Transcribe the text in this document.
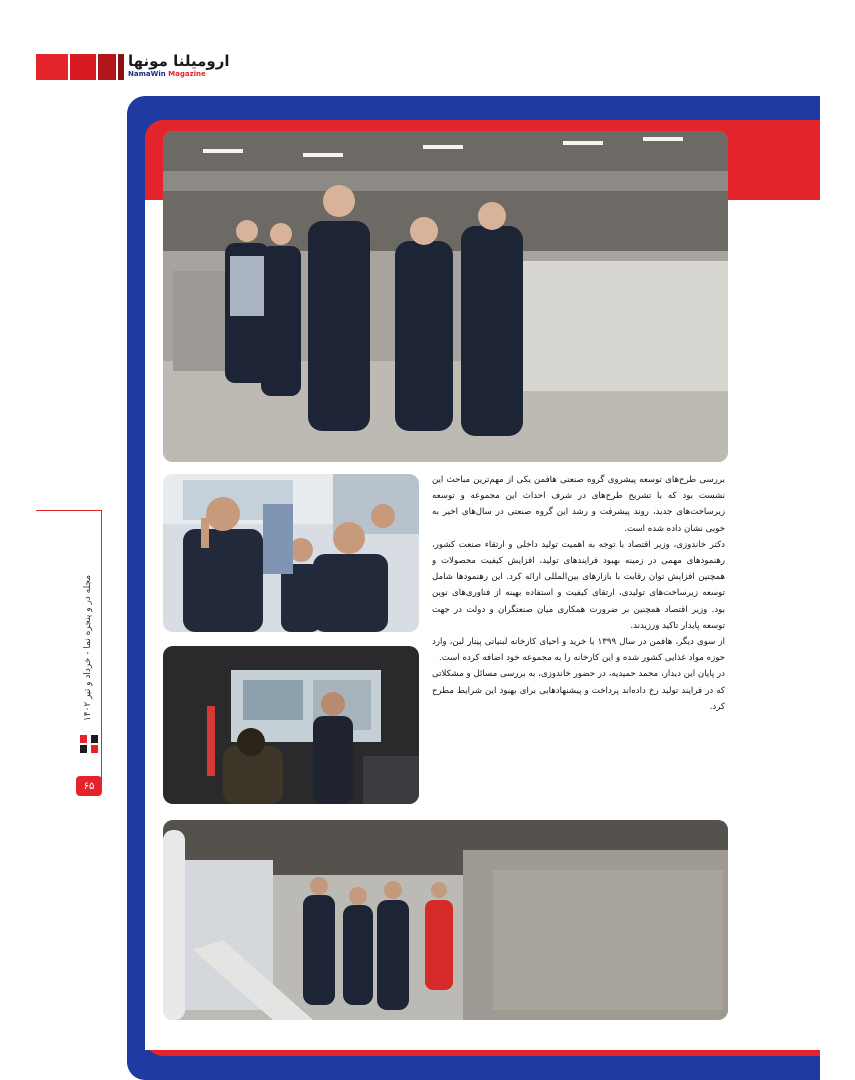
ارومیلنا مونها
NamaWin Magazine

بررسی طرح‌های توسعه پیشروی گروه صنعتی هافمن یکی از مهم‌ترین مباحث این نشست بود که با تشریح طرح‌های در شرف احداث این مجموعه و توسعه زیرساخت‌های جدید، روند پیشرفت و رشد این گروه صنعتی در سال‌های اخیر به خوبی نشان داده شده است.

دکتر خاندوزی، وزیر اقتصاد با توجه به اهمیت تولید داخلی و ارتقاء صنعت کشور، رهنمودهای مهمی در زمینه بهبود فرایندهای تولید، افزایش کیفیت محصولات و همچنین افزایش توان رقابت با بازارهای بین‌المللی ارائه کرد. این رهنمودها شامل توسعه زیرساخت‌های تولیدی، ارتقای کیفیت و استفاده بهینه از فناوری‌های نوین بود. وزیر اقتصاد همچنین بر ضرورت همکاری میان صنعتگران و دولت در جهت توسعه پایدار تاکید ورزیدند.

از سوی دیگر، هافمن در سال ۱۳۹۹ با خرید و احیای کارخانه لبنیاتی پینار لبن، وارد حوزه مواد غذایی کشور شده و این کارخانه را به مجموعه خود اضافه کرده است.

در پایان این دیدار، محمد حمیدیه، در حضور خاندوزی، به بررسی مسائل و مشکلاتی که در فرایند تولید رخ داده‌اند پرداخت و پیشنهادهایی برای بهبود این شرایط مطرح کرد.

مجله در و پنجره نما - خرداد و تیر ۱۴۰۲
۶۵
